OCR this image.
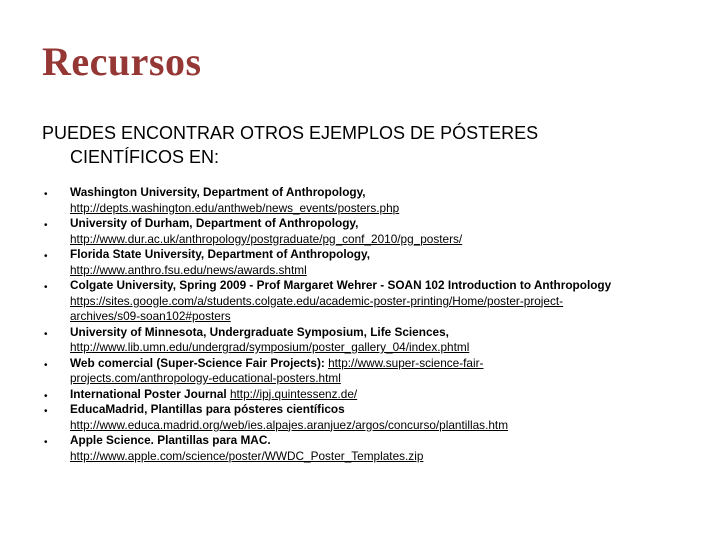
Recursos
PUEDES ENCONTRAR OTROS EJEMPLOS DE PÓSTERES
CIENTÍFICOS EN:
• Washington University, Department of Anthropology,
http://depts.washington.edu/anthweb/news_events/posters.php
• University of Durham, Department of Anthropology,
http://www.dur.ac.uk/anthropology/postgraduate/pg_conf_2010/pg_posters/
• Florida State University, Department of Anthropology,
http://www.anthro.fsu.edu/news/awards.shtml
• Colgate University, Spring 2009 - Prof Margaret Wehrer - SOAN 102 Introduction to Anthropology
https://sites.google.com/a/students.colgate.edu/academic-poster-printing/Home/poster-project-
archives/s09-soan102#posters
• University of Minnesota, Undergraduate Symposium, Life Sciences,
http://www.lib.umn.edu/undergrad/symposium/poster_gallery_04/index.phtml
• Web comercial (Super-Science Fair Projects): http://www.super-science-fair-
projects.com/anthropology-educational-posters.html
• International Poster Journal http://ipj.quintessenz.de/
• EducaMadrid, Plantillas para pósteres científicos
http://www.educa.madrid.org/web/ies.alpajes.aranjuez/argos/concurso/plantillas.htm
• Apple Science. Plantillas para MAC.
http://www.apple.com/science/poster/WWDC_Poster_Templates.zip
